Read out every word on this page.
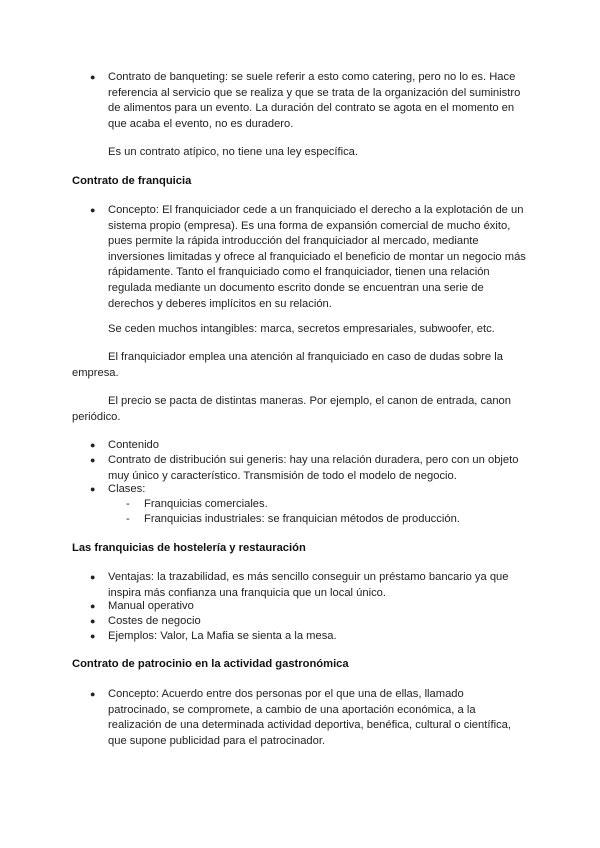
● Contrato de banqueting: se suele referir a esto como catering, pero no lo es. Hace referencia al servicio que se realiza y que se trata de la organización del suministro de alimentos para un evento. La duración del contrato se agota en el momento en que acaba el evento, no es duradero.
Es un contrato atípico, no tiene una ley específica.
Contrato de franquicia
● Concepto: El franquiciador cede a un franquiciado el derecho a la explotación de un sistema propio (empresa). Es una forma de expansión comercial de mucho éxito, pues permite la rápida introducción del franquiciador al mercado, mediante inversiones limitadas y ofrece al franquiciado el beneficio de montar un negocio más rápidamente. Tanto el franquiciado como el franquiciador, tienen una relación regulada mediante un documento escrito donde se encuentran una serie de derechos y deberes implícitos en su relación.
Se ceden muchos intangibles: marca, secretos empresariales, subwoofer, etc.
El franquiciador emplea una atención al franquiciado en caso de dudas sobre la empresa.
El precio se pacta de distintas maneras. Por ejemplo, el canon de entrada, canon periódico.
● Contenido
● Contrato de distribución sui generis: hay una relación duradera, pero con un objeto muy único y característico. Transmisión de todo el modelo de negocio.
● Clases:
- Franquicias comerciales.
- Franquicias industriales: se franquician métodos de producción.
Las franquicias de hostelería y restauración
● Ventajas: la trazabilidad, es más sencillo conseguir un préstamo bancario ya que inspira más confianza una franquicia que un local único.
● Manual operativo
● Costes de negocio
● Ejemplos: Valor, La Mafia se sienta a la mesa.
Contrato de patrocinio en la actividad gastronómica
● Concepto: Acuerdo entre dos personas por el que una de ellas, llamado patrocinado, se compromete, a cambio de una aportación económica, a la realización de una determinada actividad deportiva, benéfica, cultural o científica, que supone publicidad para el patrocinador.
